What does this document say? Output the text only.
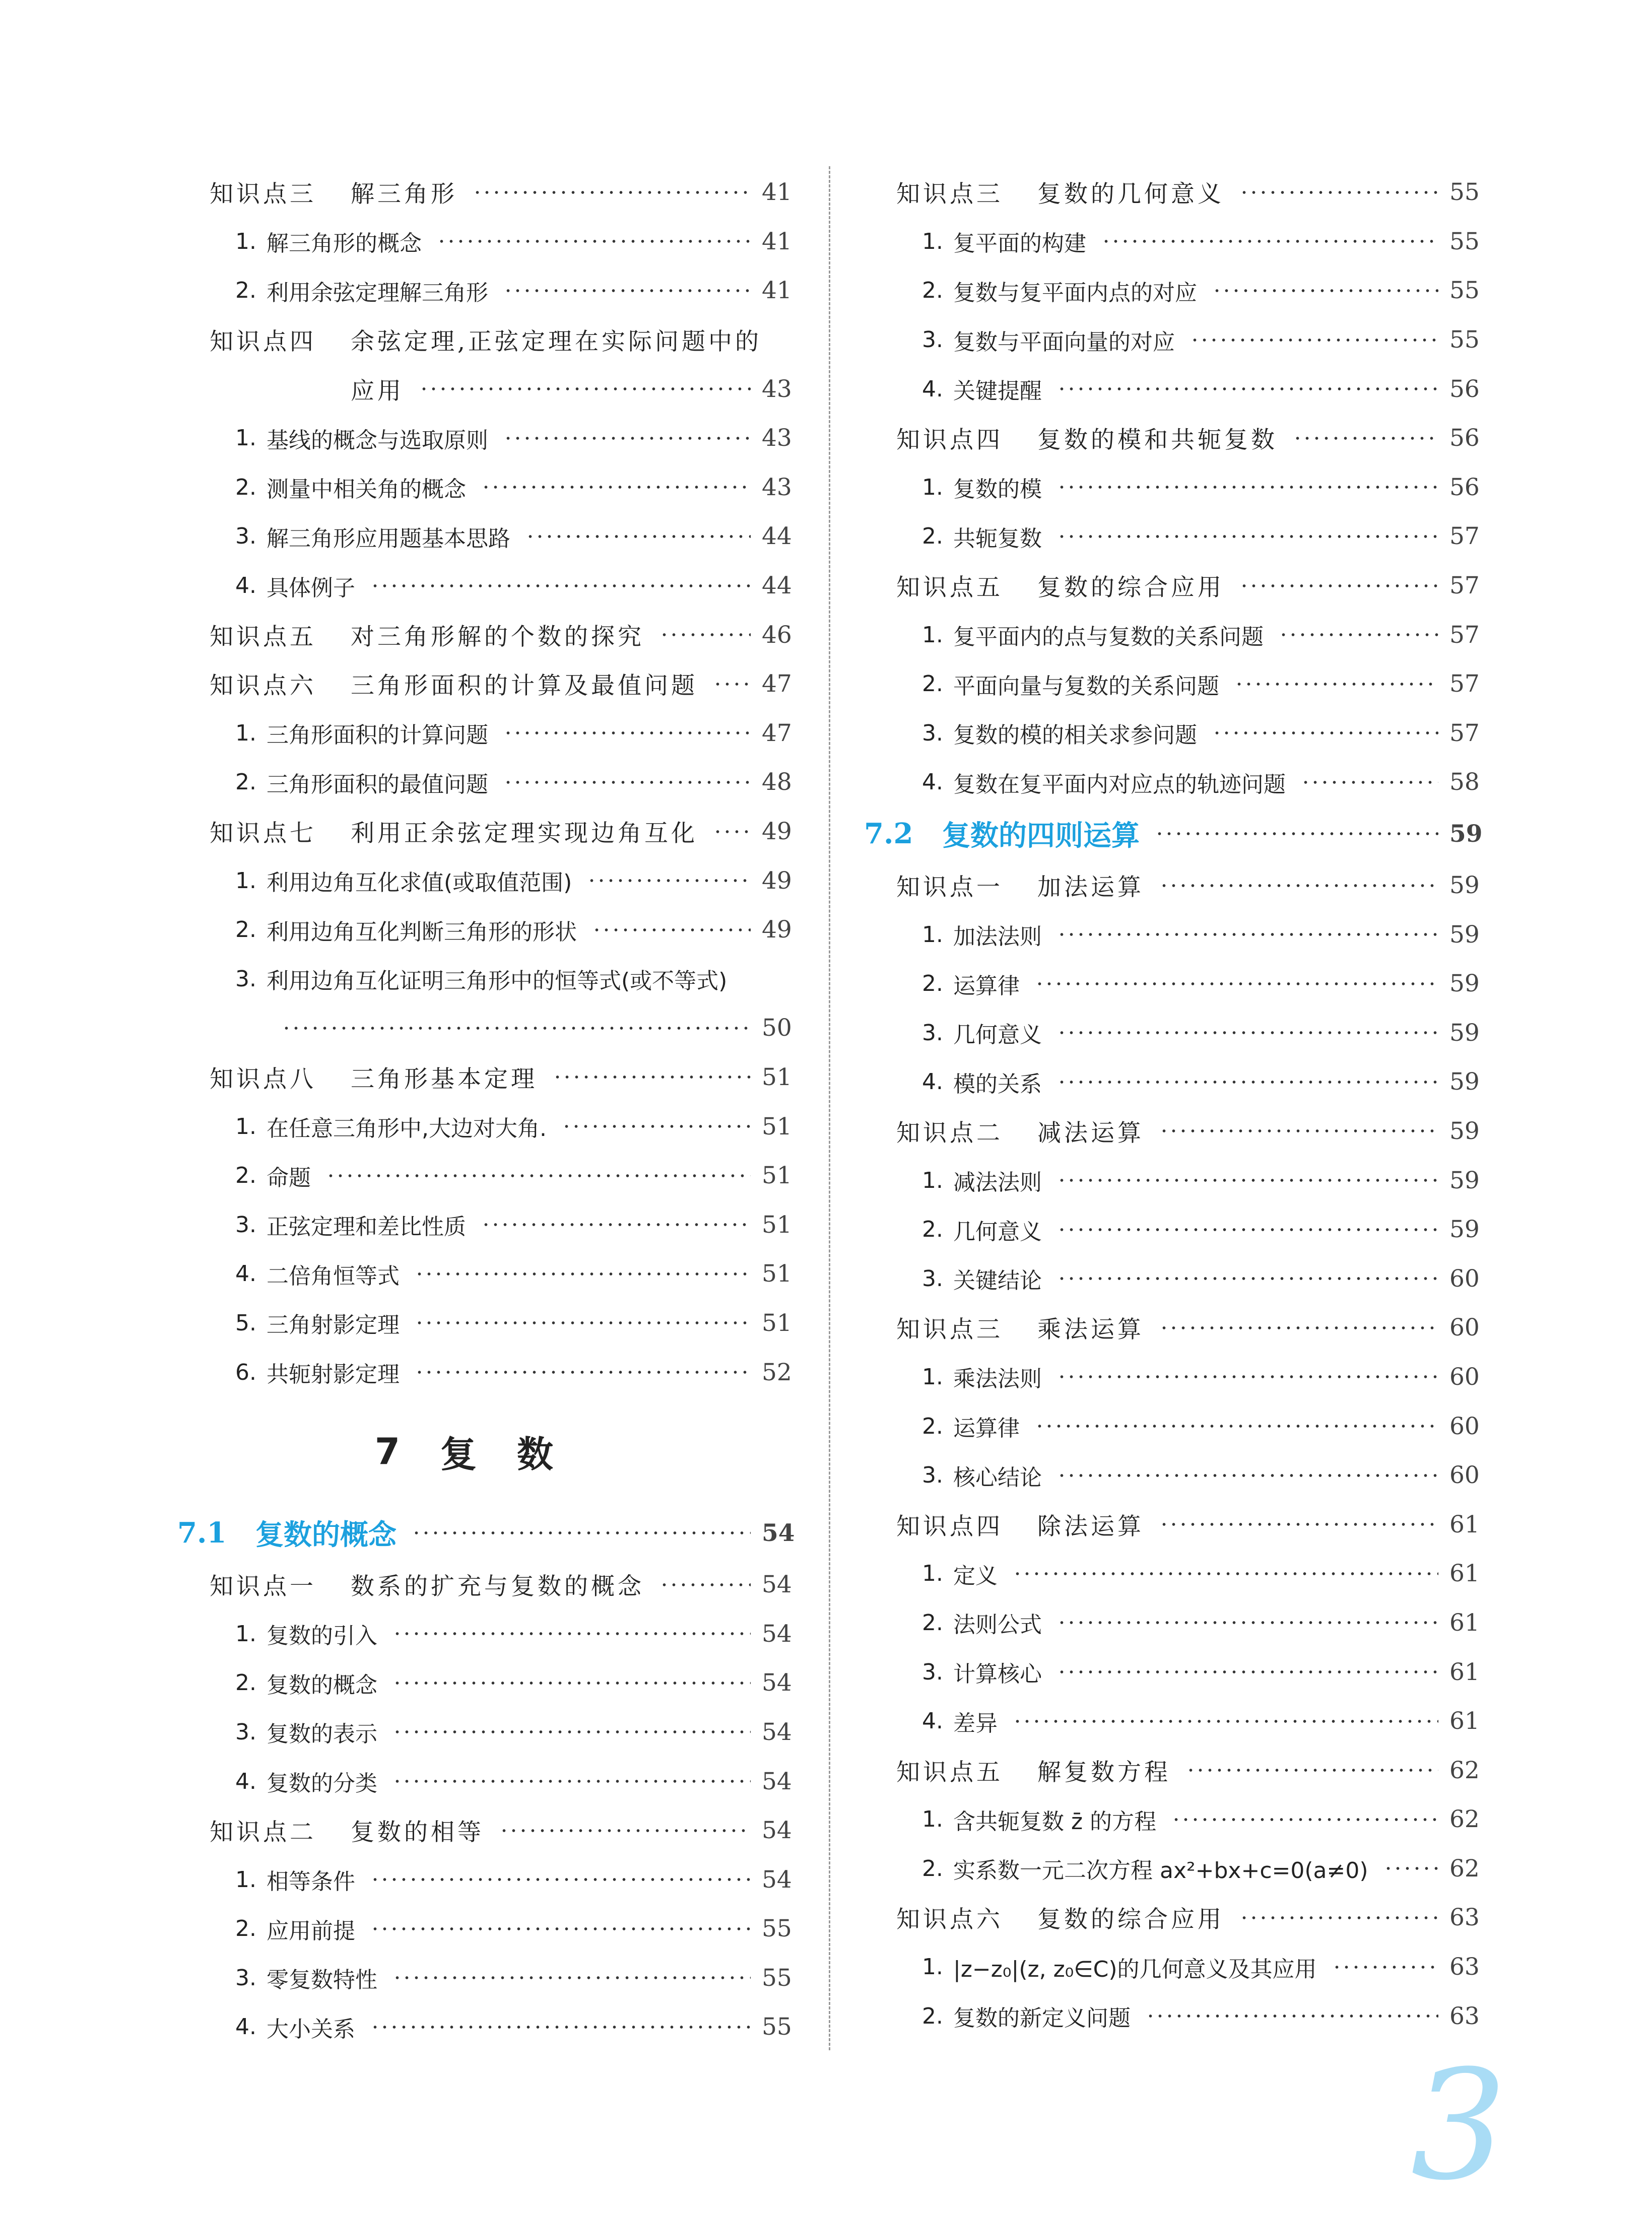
知识点三	解三角形	41
1. 解三角形的概念	41
2. 利用余弦定理解三角形	41
知识点四	余弦定理,正弦定理在实际问题中的
应用	43
1. 基线的概念与选取原则	43
2. 测量中相关角的概念	43
3. 解三角形应用题基本思路	44
4. 具体例子	44
知识点五	对三角形解的个数的探究	46
知识点六	三角形面积的计算及最值问题	47
1. 三角形面积的计算问题	47
2. 三角形面积的最值问题	48
知识点七	利用正余弦定理实现边角互化	49
1. 利用边角互化求值(或取值范围)	49
2. 利用边角互化判断三角形的形状	49
3. 利用边角互化证明三角形中的恒等式(或不等式)
50
知识点八	三角形基本定理	51
1. 在任意三角形中,大边对大角.	51
2. 命题	51
3. 正弦定理和差比性质	51
4. 二倍角恒等式	51
5. 三角射影定理	51
6. 共轭射影定理	52
7 复 数
7.1	复数的概念	54
知识点一	数系的扩充与复数的概念	54
1. 复数的引入	54
2. 复数的概念	54
3. 复数的表示	54
4. 复数的分类	54
知识点二	复数的相等	54
1. 相等条件	54
2. 应用前提	55
3. 零复数特性	55
4. 大小关系	55
知识点三	复数的几何意义	55
1. 复平面的构建	55
2. 复数与复平面内点的对应	55
3. 复数与平面向量的对应	55
4. 关键提醒	56
知识点四	复数的模和共轭复数	56
1. 复数的模	56
2. 共轭复数	57
知识点五	复数的综合应用	57
1. 复平面内的点与复数的关系问题	57
2. 平面向量与复数的关系问题	57
3. 复数的模的相关求参问题	57
4. 复数在复平面内对应点的轨迹问题	58
7.2	复数的四则运算	59
知识点一	加法运算	59
1. 加法法则	59
2. 运算律	59
3. 几何意义	59
4. 模的关系	59
知识点二	减法运算	59
1. 减法法则	59
2. 几何意义	59
3. 关键结论	60
知识点三	乘法运算	60
1. 乘法法则	60
2. 运算律	60
3. 核心结论	60
知识点四	除法运算	61
1. 定义	61
2. 法则公式	61
3. 计算核心	61
4. 差异	61
知识点五	解复数方程	62
1. 含共轭复数 z̄ 的方程	62
2. 实系数一元二次方程 ax²+bx+c=0(a≠0)	62
知识点六	复数的综合应用	63
1. |z−z₀|(z, z₀∈C)的几何意义及其应用	63
2. 复数的新定义问题	63
3
